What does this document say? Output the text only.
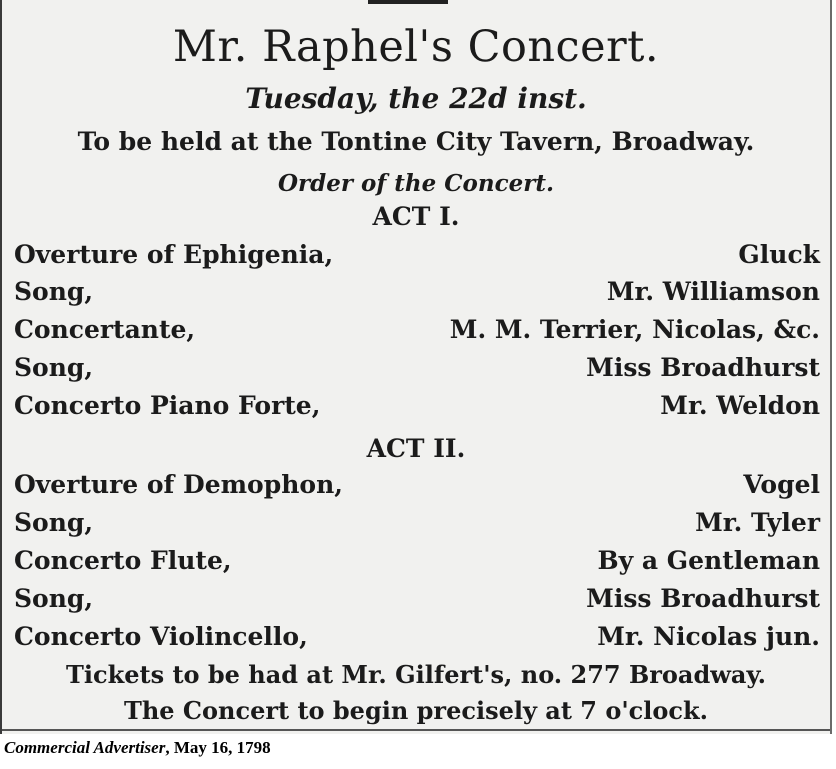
Mr. Raphel's Concert.
Tuesday, the 22d inst.
To be held at the Tontine City Tavern, Broadway.
Order of the Concert.
ACT I.
Overture of Ephigenia,	Gluck
Song,	Mr. Williamson
Concertante,	M. M. Terrier, Nicolas, &c.
Song,	Miss Broadhurst
Concerto Piano Forte,	Mr. Weldon
ACT II.
Overture of Demophon,	Vogel
Song,	Mr. Tyler
Concerto Flute,	By a Gentleman
Song,	Miss Broadhurst
Concerto Violincello,	Mr. Nicolas jun.
Tickets to be had at Mr. Gilfert's, no. 277 Broadway.
The Concert to begin precisely at 7 o'clock.
Commercial Advertiser, May 16, 1798
